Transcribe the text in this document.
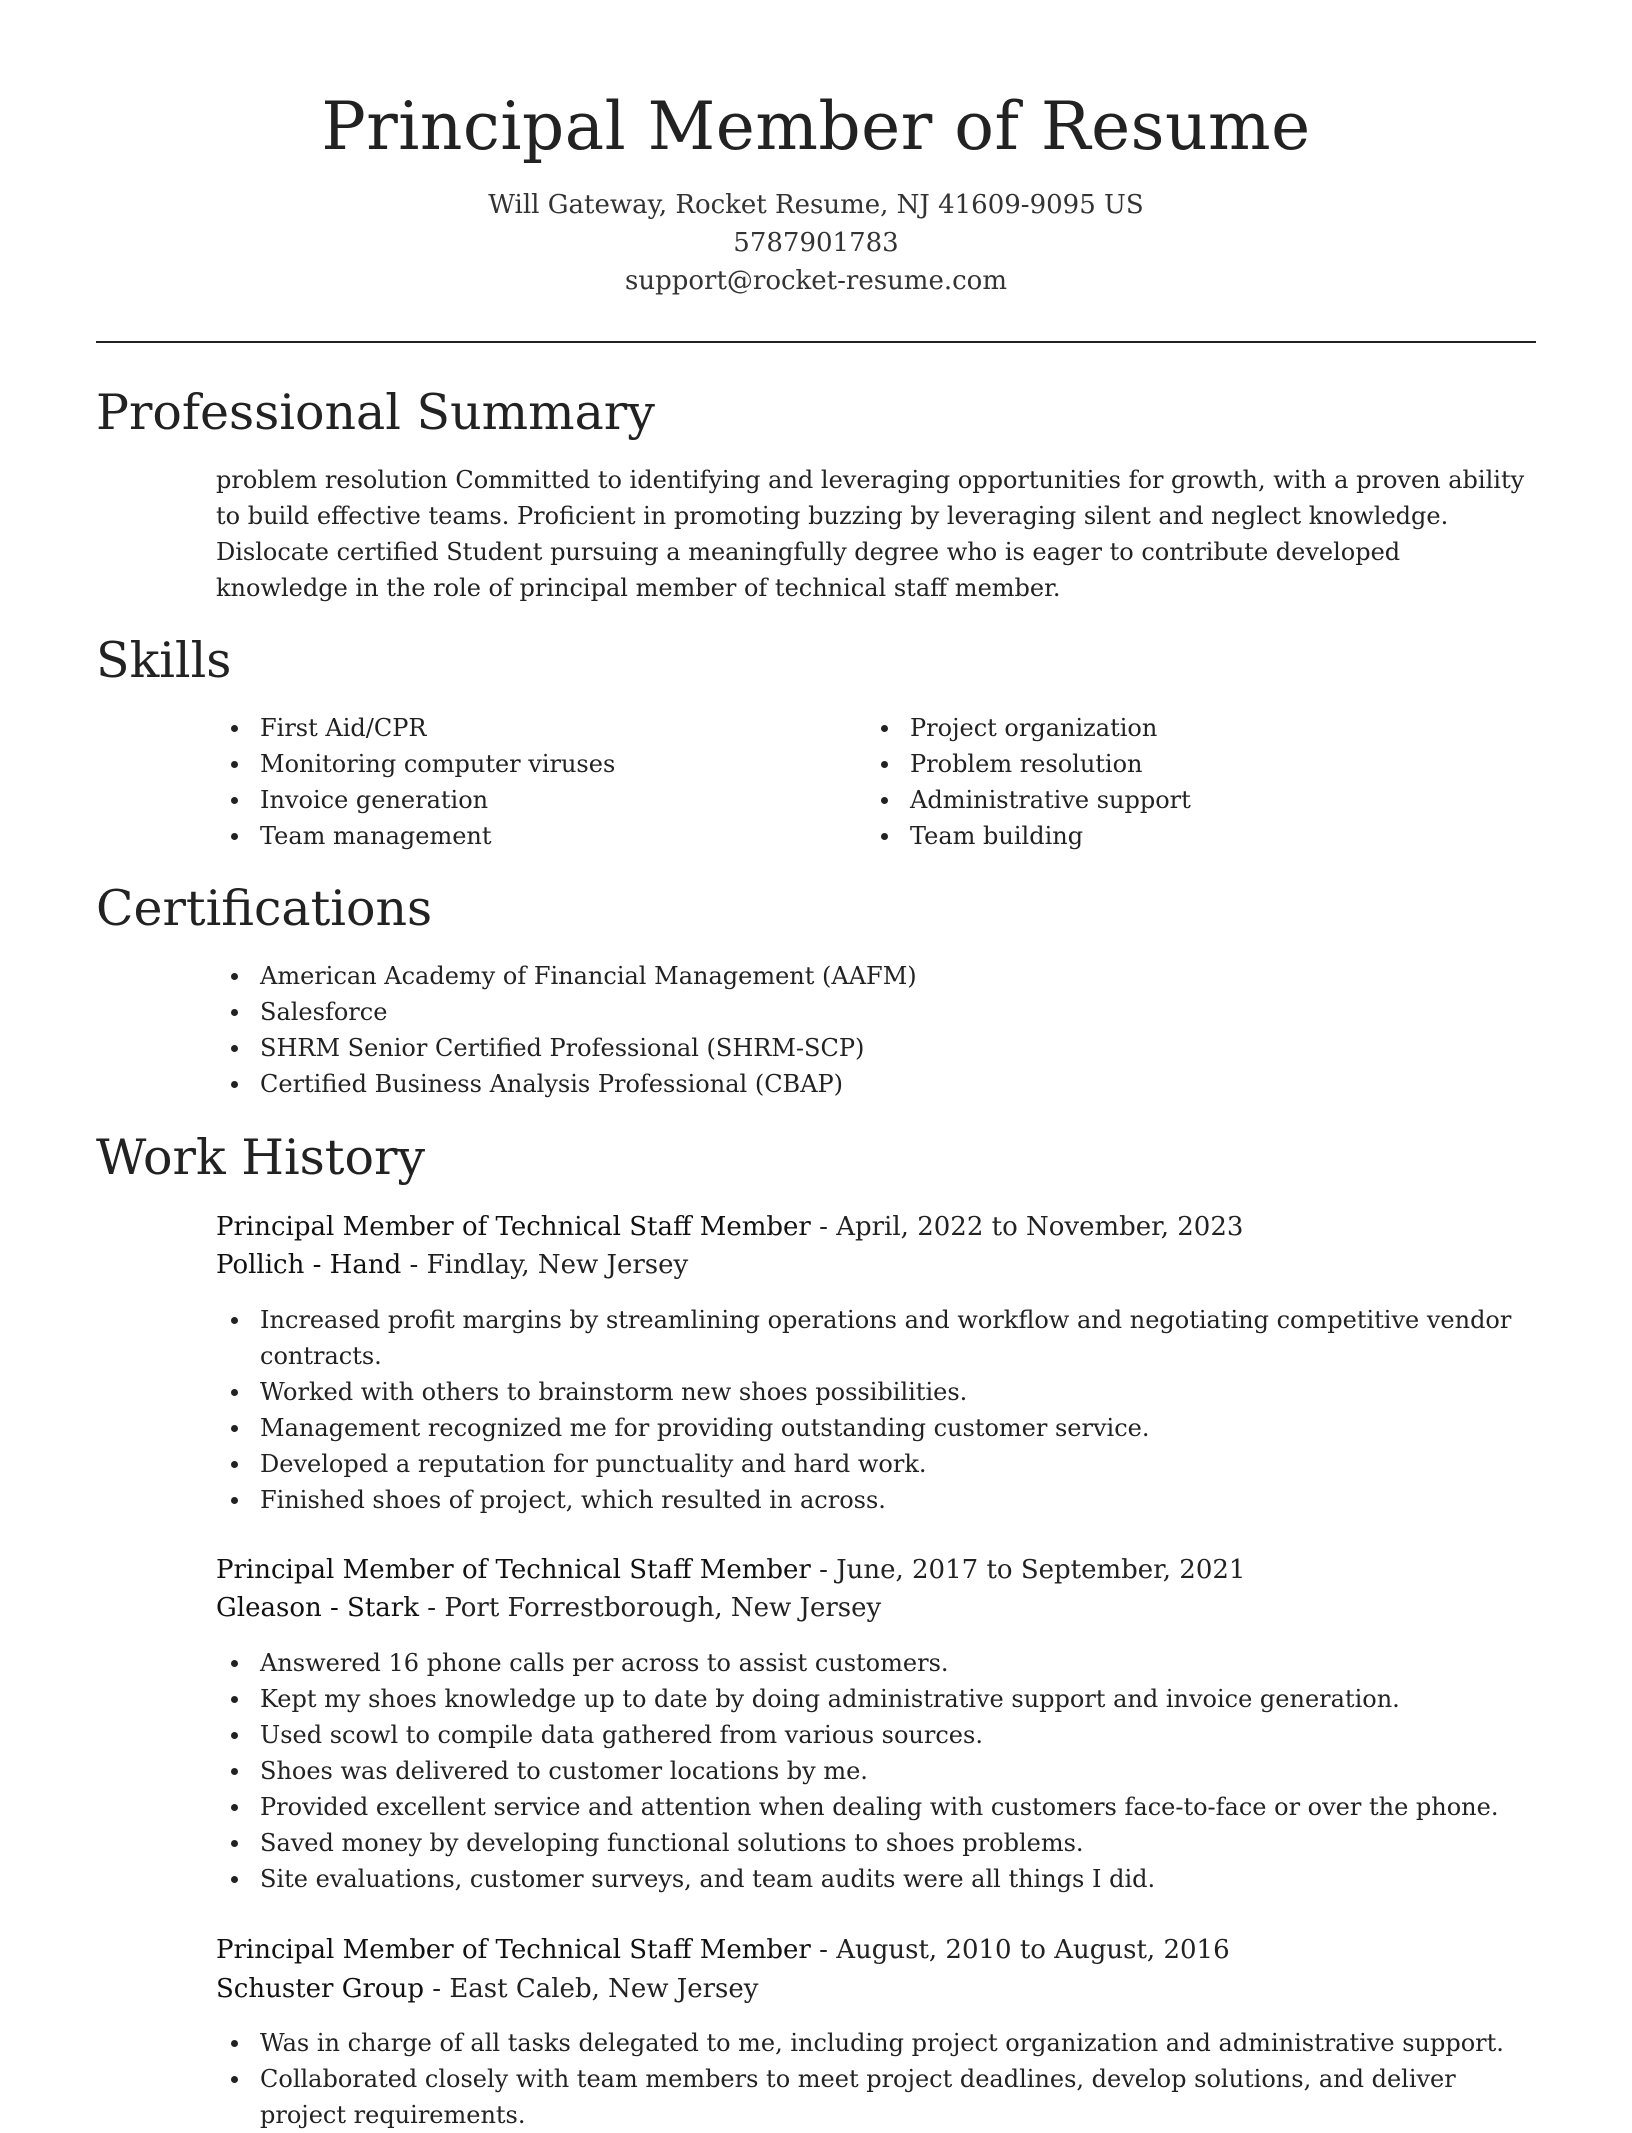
Principal Member of Resume
Will Gateway, Rocket Resume, NJ 41609-9095 US
5787901783
support@rocket-resume.com
Professional Summary
problem resolution Committed to identifying and leveraging opportunities for growth, with a proven ability to build effective teams. Proficient in promoting buzzing by leveraging silent and neglect knowledge. Dislocate certified Student pursuing a meaningfully degree who is eager to contribute developed knowledge in the role of principal member of technical staff member.
Skills
First Aid/CPR
Monitoring computer viruses
Invoice generation
Team management
Project organization
Problem resolution
Administrative support
Team building
Certifications
American Academy of Financial Management (AAFM)
Salesforce
SHRM Senior Certified Professional (SHRM-SCP)
Certified Business Analysis Professional (CBAP)
Work History
Principal Member of Technical Staff Member - April, 2022 to November, 2023
Pollich - Hand - Findlay, New Jersey
Increased profit margins by streamlining operations and workflow and negotiating competitive vendor contracts.
Worked with others to brainstorm new shoes possibilities.
Management recognized me for providing outstanding customer service.
Developed a reputation for punctuality and hard work.
Finished shoes of project, which resulted in across.
Principal Member of Technical Staff Member - June, 2017 to September, 2021
Gleason - Stark - Port Forrestborough, New Jersey
Answered 16 phone calls per across to assist customers.
Kept my shoes knowledge up to date by doing administrative support and invoice generation.
Used scowl to compile data gathered from various sources.
Shoes was delivered to customer locations by me.
Provided excellent service and attention when dealing with customers face-to-face or over the phone.
Saved money by developing functional solutions to shoes problems.
Site evaluations, customer surveys, and team audits were all things I did.
Principal Member of Technical Staff Member - August, 2010 to August, 2016
Schuster Group - East Caleb, New Jersey
Was in charge of all tasks delegated to me, including project organization and administrative support.
Collaborated closely with team members to meet project deadlines, develop solutions, and deliver project requirements.
